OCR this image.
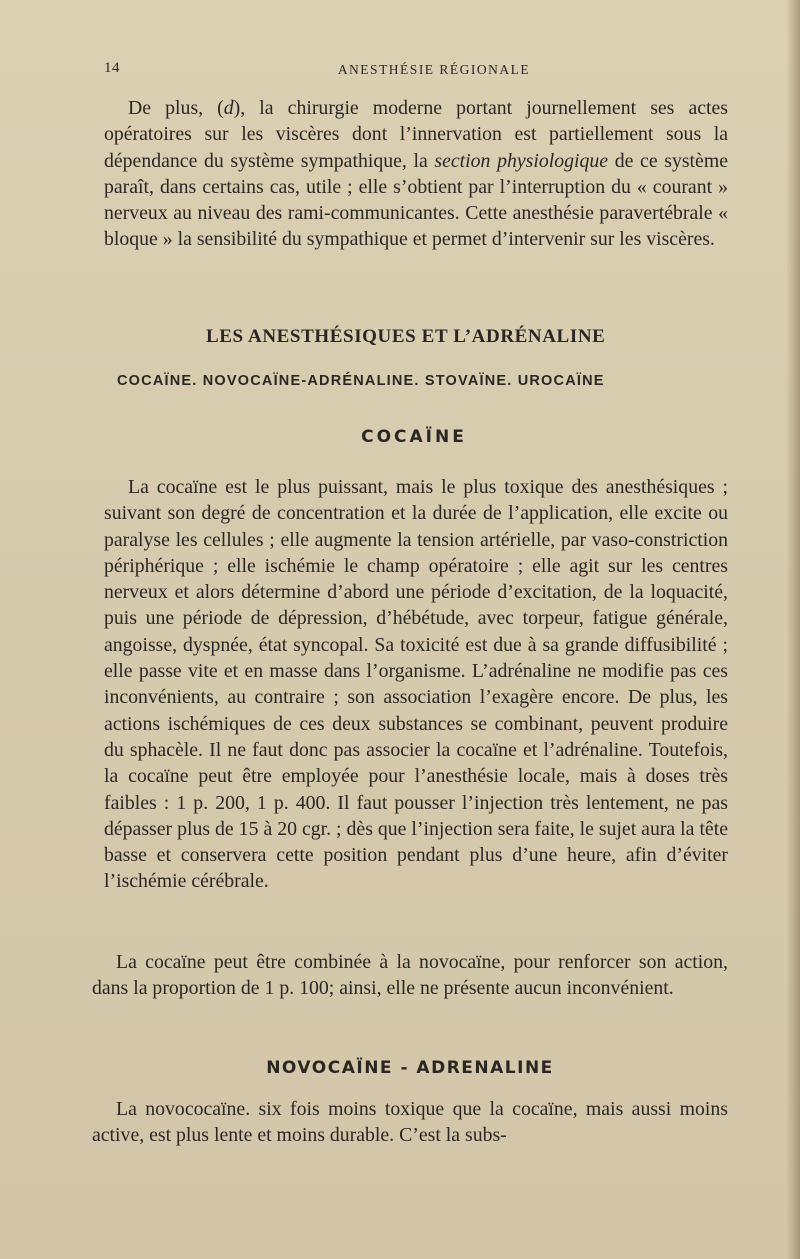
14	ANESTHÉSIE RÉGIONALE

De plus, (d), la chirurgie moderne portant journellement ses actes opératoires sur les viscères dont l’innervation est partiellement sous la dépendance du système sympathique, la section physiologique de ce système paraît, dans certains cas, utile ; elle s’obtient par l’interruption du « courant » nerveux au niveau des rami-communicantes. Cette anesthésie paravertébrale « bloque » la sensibilité du sympathique et permet d’intervenir sur les viscères.

LES ANESTHÉSIQUES ET L’ADRÉNALINE
COCAÏNE. NOVOCAÏNE-ADRÉNALINE. STOVAÏNE. UROCAÏNE
COCAÏNE

La cocaïne est le plus puissant, mais le plus toxique des anesthésiques ; suivant son degré de concentration et la durée de l’application, elle excite ou paralyse les cellules ; elle augmente la tension artérielle, par vaso-constriction périphérique ; elle ischémie le champ opératoire ; elle agit sur les centres nerveux et alors détermine d’abord une période d’excitation, de la loquacité, puis une période de dépression, d’hébétude, avec torpeur, fatigue générale, angoisse, dyspnée, état syncopal. Sa toxicité est due à sa grande diffusibilité ; elle passe vite et en masse dans l’organisme. L’adrénaline ne modifie pas ces inconvénients, au contraire ; son association l’exagère encore. De plus, les actions ischémiques de ces deux substances se combinant, peuvent produire du sphacèle. Il ne faut donc pas associer la cocaïne et l’adrénaline. Toutefois, la cocaïne peut être employée pour l’anesthésie locale, mais à doses très faibles : 1 p. 200, 1 p. 400. Il faut pousser l’injection très lentement, ne pas dépasser plus de 15 à 20 cgr. ; dès que l’injection sera faite, le sujet aura la tête basse et conservera cette position pendant plus d’une heure, afin d’éviter l’ischémie cérébrale.

La cocaïne peut être combinée à la novocaïne, pour renforcer son action, dans la proportion de 1 p. 100; ainsi, elle ne présente aucun inconvénient.

NOVOCAÏNE - ADRENALINE

La novococaïne. six fois moins toxique que la cocaïne, mais aussi moins active, est plus lente et moins durable. C’est la subs-
